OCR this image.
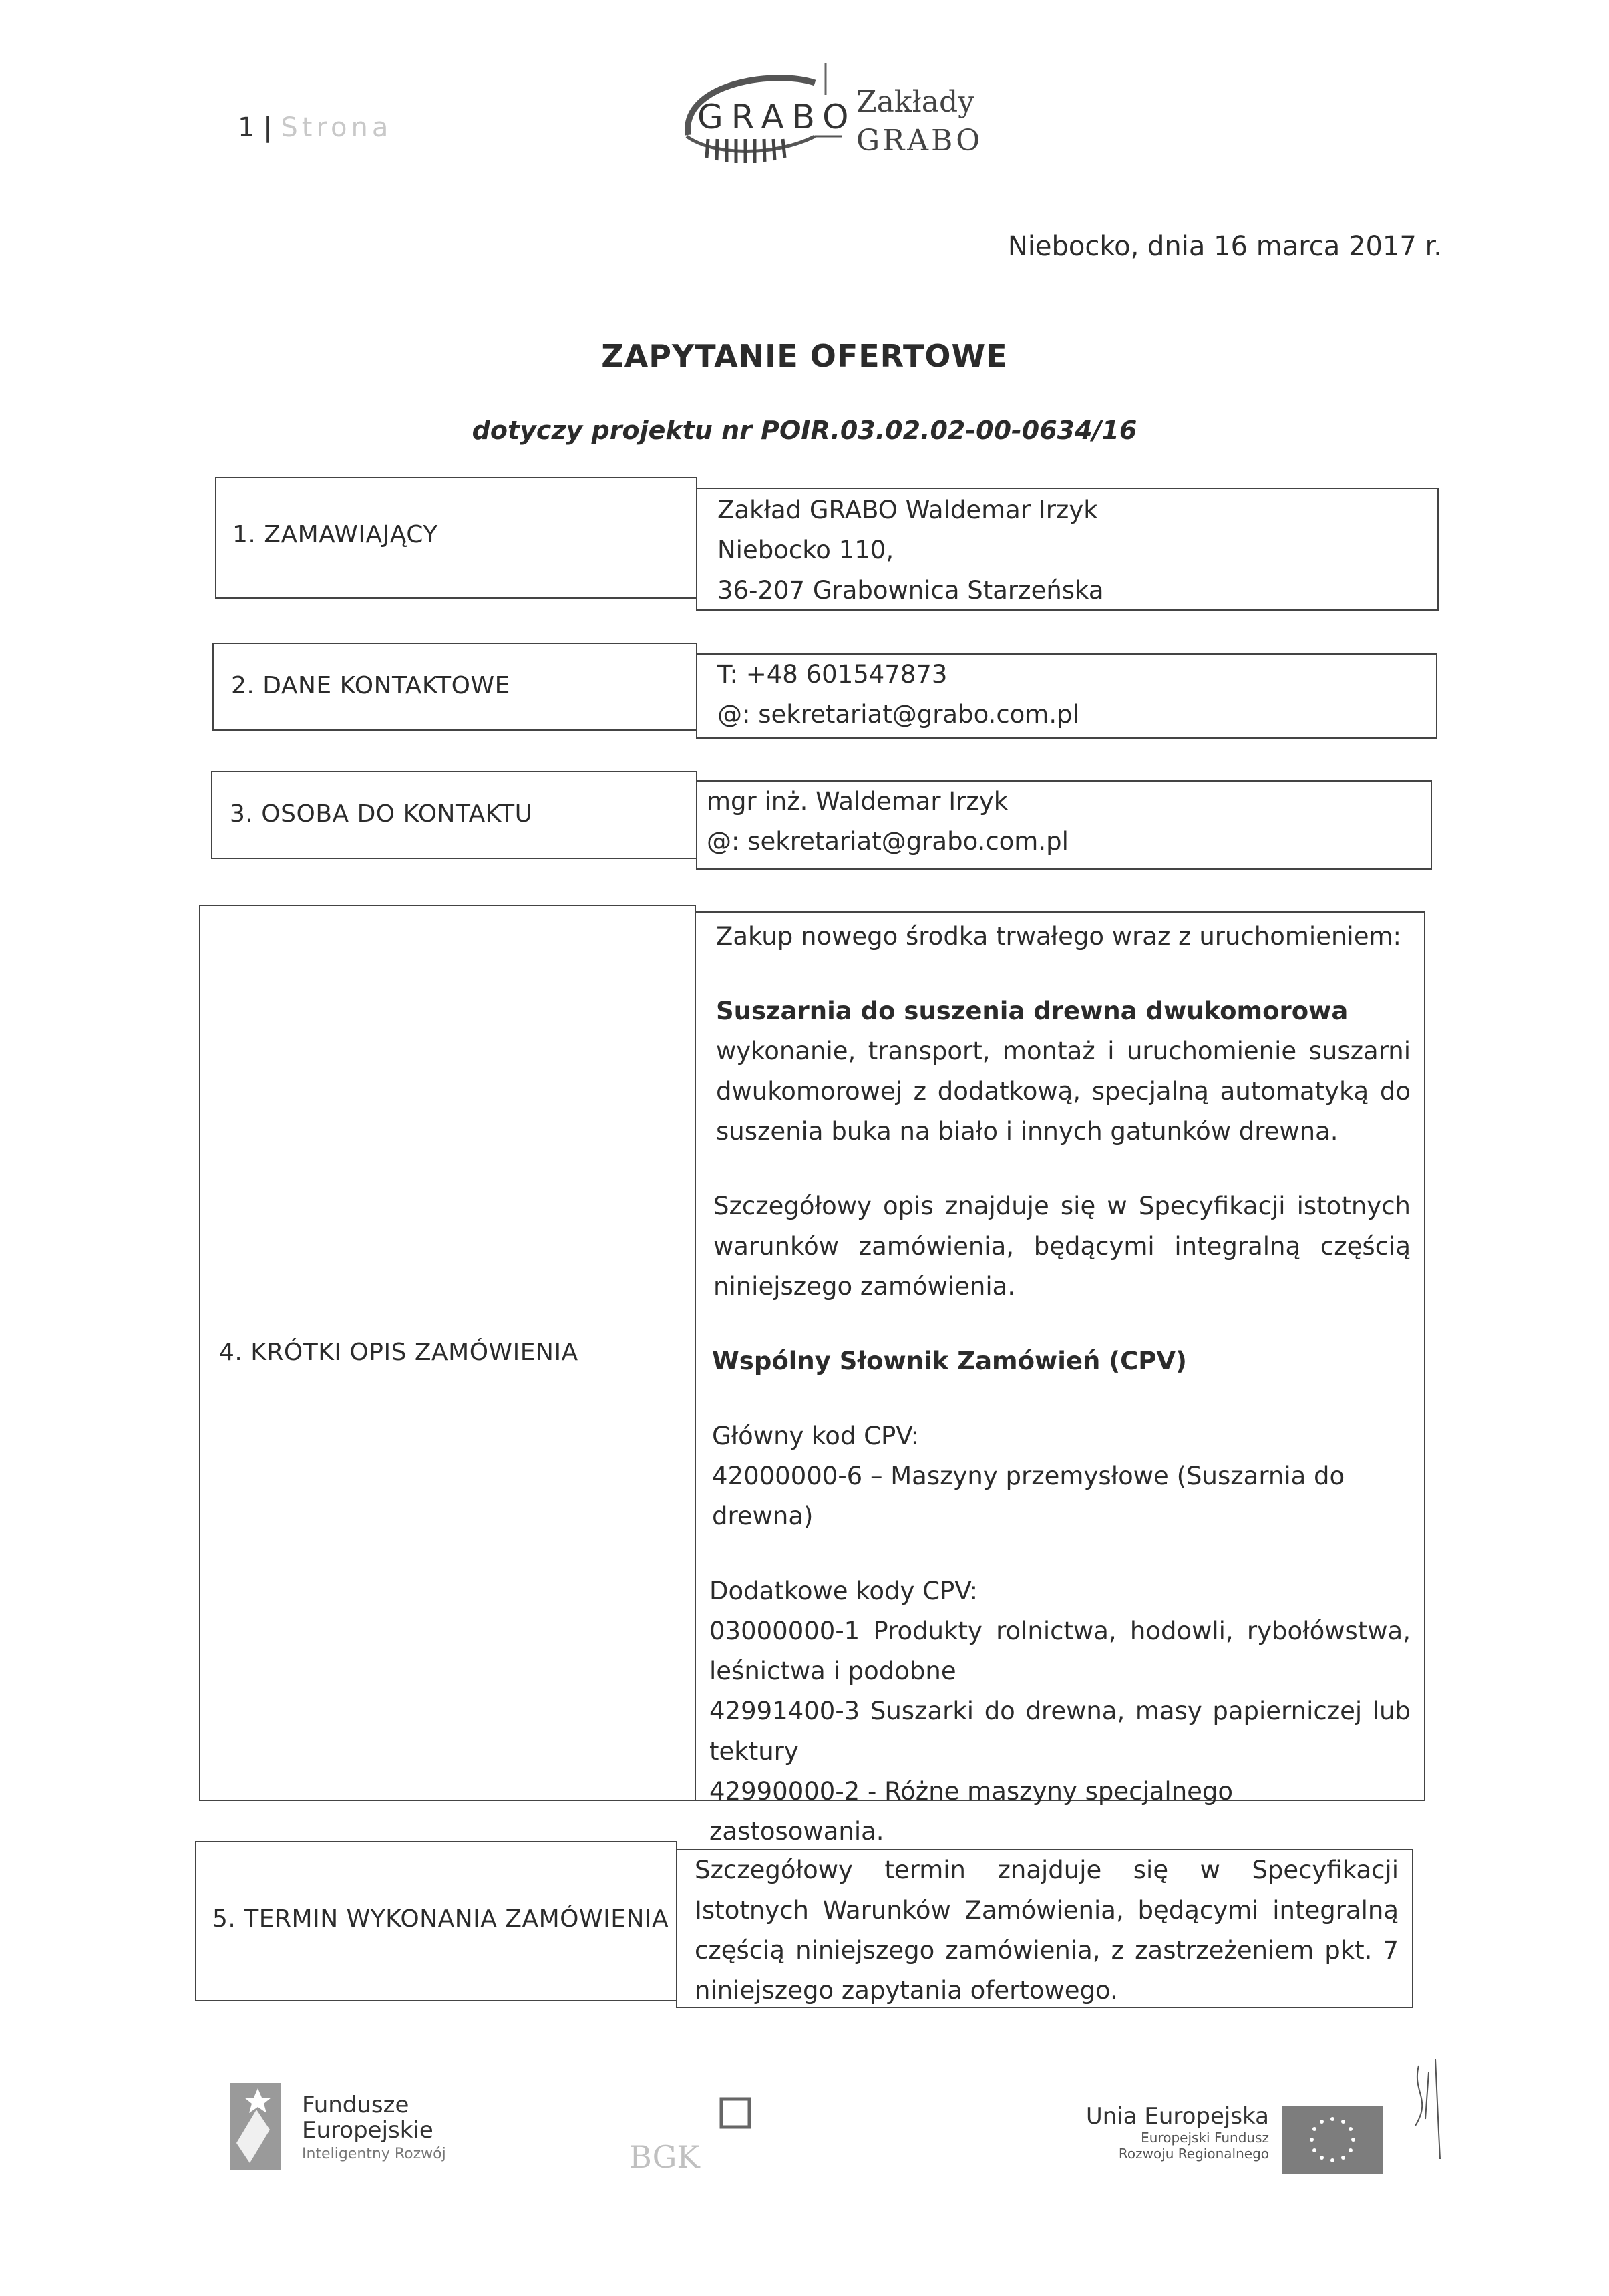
1 | Strona	GRABO Zakłady
GRABO
Niebocko, dnia 16 marca 2017 r.
ZAPYTANIE OFERTOWE
dotyczy projektu nr POIR.03.02.02-00-0634/16
1. ZAMAWIAJĄCY
Zakład GRABO Waldemar Irzyk
Niebocko 110,
36-207 Grabownica Starzeńska
2. DANE KONTAKTOWE	T: +48 601547873
@: sekretariat@grabo.com.pl
3. OSOBA DO KONTAKTU	mgr inż. Waldemar Irzyk
@: sekretariat@grabo.com.pl
4. KRÓTKI OPIS ZAMÓWIENIA

Zakup nowego środka trwałego wraz z uruchomieniem:

Suszarnia do suszenia drewna dwukomorowa

wykonanie, transport, montaż i uruchomienie suszarni dwukomorowej z dodatkową, specjalną automatyką do suszenia buka na biało i innych gatunków drewna.

Szczegółowy opis znajduje się w Specyfikacji istotnych warunków zamówienia, będącymi integralną częścią niniejszego zamówienia.

Wspólny Słownik Zamówień (CPV)

Główny kod CPV:

42000000-6 – Maszyny przemysłowe (Suszarnia do drewna)

Dodatkowe kody CPV:

03000000-1 Produkty rolnictwa, hodowli, rybołówstwa, leśnictwa i podobne

42991400-3 Suszarki do drewna, masy papierniczej lub tektury

42990000-2 - Różne maszyny specjalnego zastosowania.

5. TERMIN WYKONANIA ZAMÓWIENIA
Szczegółowy termin znajduje się w Specyfikacji Istotnych Warunków Zamówienia, będącymi integralną częścią niniejszego zamówienia, z zastrzeżeniem pkt. 7 niniejszego zapytania ofertowego.
Fundusze
Europejskie
Inteligentny Rozwój	BGK
Unia Europejska
Europejski Fundusz
Rozwoju Regionalnego
